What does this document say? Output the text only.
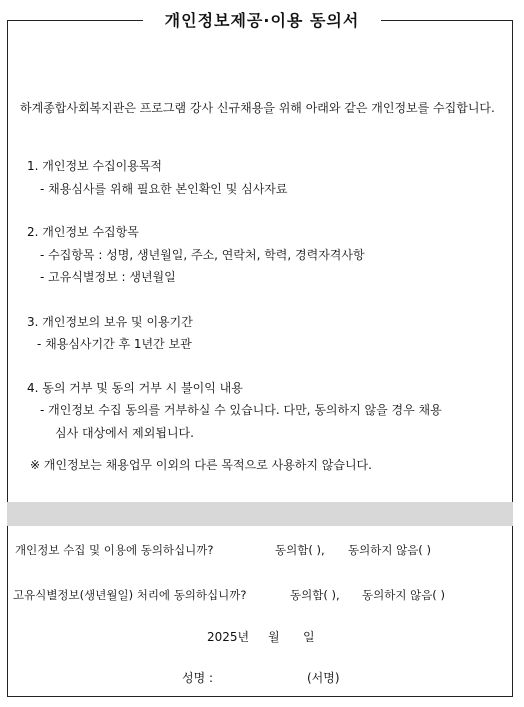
개인정보제공·이용 동의서
하계종합사회복지관은 프로그램 강사 신규채용을 위해 아래와 같은 개인정보를 수집합니다.
1. 개인정보 수집이용목적
- 채용심사를 위해 필요한 본인확인 및 심사자료
2. 개인정보 수집항목
- 수집항목 : 성명, 생년월일, 주소, 연락처, 학력, 경력자격사항
- 고유식별정보 : 생년월일
3. 개인정보의 보유 및 이용기간
- 채용심사기간 후 1년간 보관
4. 동의 거부 및 동의 거부 시 불이익 내용
- 개인정보 수집 동의를 거부하실 수 있습니다. 다만, 동의하지 않을 경우 채용
심사 대상에서 제외됩니다.
※ 개인정보는 채용업무 이외의 다른 목적으로 사용하지 않습니다.
개인정보 수집 및 이용에 동의하십니까?	동의함( ), 동의하지 않음( )
고유식별정보(생년월일) 처리에 동의하십니까?	동의함( ), 동의하지 않음( )
2025년 월 일
성명 :	(서명)
